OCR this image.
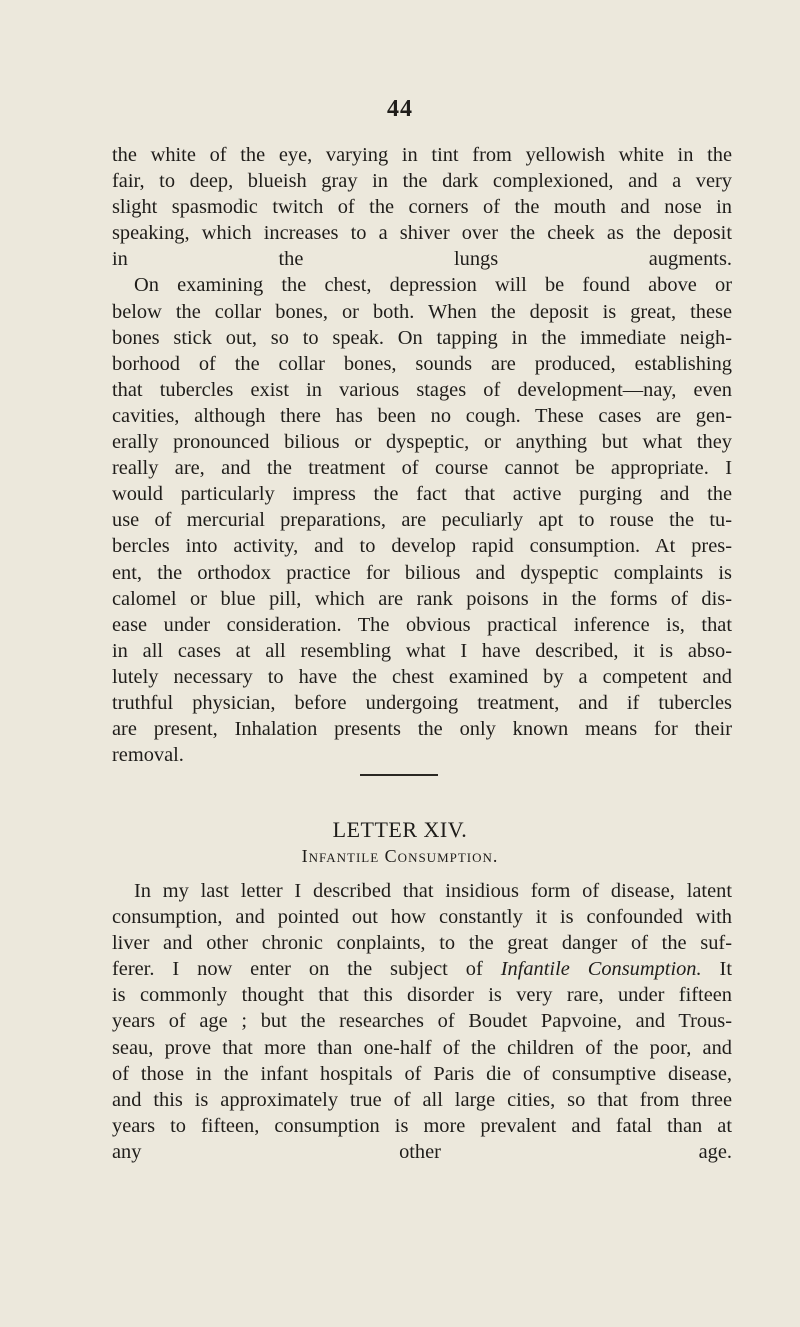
44
the white of the eye, varying in tint from yellowish white in the
fair, to deep, blueish gray in the dark complexioned, and a very
slight spasmodic twitch of the corners of the mouth and nose in
speaking, which increases to a shiver over the cheek as the deposit
in the lungs augments.
On examining the chest, depression will be found above or
below the collar bones, or both. When the deposit is great, these
bones stick out, so to speak. On tapping in the immediate neigh-
borhood of the collar bones, sounds are produced, establishing
that tubercles exist in various stages of development—nay, even
cavities, although there has been no cough. These cases are gen-
erally pronounced bilious or dyspeptic, or anything but what they
really are, and the treatment of course cannot be appropriate. I
would particularly impress the fact that active purging and the
use of mercurial preparations, are peculiarly apt to rouse the tu-
bercles into activity, and to develop rapid consumption. At pres-
ent, the orthodox practice for bilious and dyspeptic complaints is
calomel or blue pill, which are rank poisons in the forms of dis-
ease under consideration. The obvious practical inference is, that
in all cases at all resembling what I have described, it is abso-
lutely necessary to have the chest examined by a competent and
truthful physician, before undergoing treatment, and if tubercles
are present, Inhalation presents the only known means for their
removal.
LETTER XIV.
Infantile Consumption.
In my last letter I described that insidious form of disease, latent
consumption, and pointed out how constantly it is confounded with
liver and other chronic conplaints, to the great danger of the suf-
ferer. I now enter on the subject of Infantile Consumption. It
is commonly thought that this disorder is very rare, under fifteen
years of age ; but the researches of Boudet Papvoine, and Trous-
seau, prove that more than one-half of the children of the poor, and
of those in the infant hospitals of Paris die of consumptive disease,
and this is approximately true of all large cities, so that from three
years to fifteen, consumption is more prevalent and fatal than at
any other age.
